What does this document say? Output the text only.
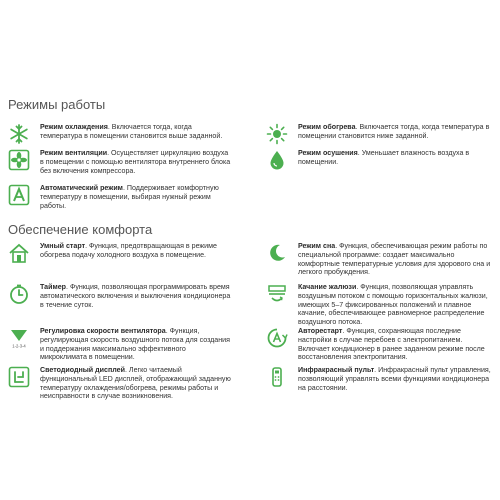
Режимы работы
Режим охлаждения. Включается тогда, когда температура в помещении становится выше заданной.
Режим вентиляции. Осуществляет циркуляцию воздуха в помещении с помощью вентилятора внутреннего блока без включения компрессора.
Автоматический режим. Поддерживает комфортную температуру в помещении, выбирая нужный режим работы.
Режим обогрева. Включается тогда, когда температура в помещении становится ниже заданной.
Режим осушения. Уменьшает влажность воздуха в помещении.
Обеспечение комфорта
Умный старт. Функция, предотвращающая в режиме обогрева подачу холодного воздуха в помещение.
Таймер. Функция, позволяющая программировать время автоматического включения и выключения кондиционера в течение суток.
1-2-3-4
Регулировка скорости вентилятора. Функция, регулирующая скорость воздушного потока для создания и поддержания максимально эффективного микроклимата в помещении.
Светодиодный дисплей. Легко читаемый функциональный LED дисплей, отображающий заданную температуру охлаждения/обогрева, режимы работы и неисправности в случае возникновения.
Режим сна. Функция, обеспечивающая режим работы по специальной программе: создает максимально комфортные температурные условия для здорового сна и легкого пробуждения.
Качание жалюзи. Функция, позволяющая управлять воздушным потоком с помощью горизонтальных жалюзи, имеющих 5–7 фиксированных положений и плавное качание, обеспечивающее равномерное распределение воздушного потока.
Авторестарт. Функция, сохраняющая последние настройки в случае перебоев с электропитанием. Включает кондиционер в ранее заданном режиме после восстановления электропитания.
Инфракрасный пульт. Инфракрасный пульт управления, позволяющий управлять всеми функциями кондиционера на расстоянии.
